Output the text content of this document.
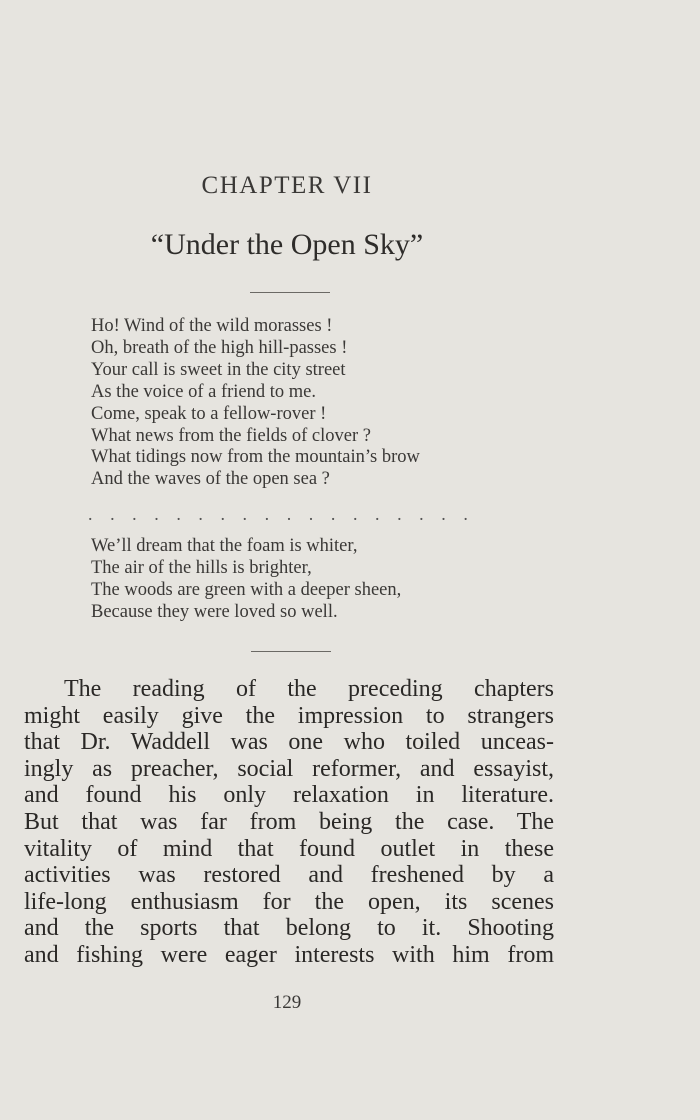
CHAPTER VII
“Under the Open Sky”
Ho! Wind of the wild morasses !
Oh, breath of the high hill-passes !
Your call is sweet in the city street
As the voice of a friend to me.
Come, speak to a fellow-rover !
What news from the fields of clover ?
What tidings now from the mountain’s brow
And the waves of the open sea ?
. . . . . . . . . . . . . . . . . .
We’ll dream that the foam is whiter,
The air of the hills is brighter,
The woods are green with a deeper sheen,
Because they were loved so well.
The reading of the preceding chapters
might easily give the impression to strangers
that Dr. Waddell was one who toiled unceas-
ingly as preacher, social reformer, and essayist,
and found his only relaxation in literature.
But that was far from being the case. The
vitality of mind that found outlet in these
activities was restored and freshened by a
life-long enthusiasm for the open, its scenes
and the sports that belong to it. Shooting
and fishing were eager interests with him from
129
